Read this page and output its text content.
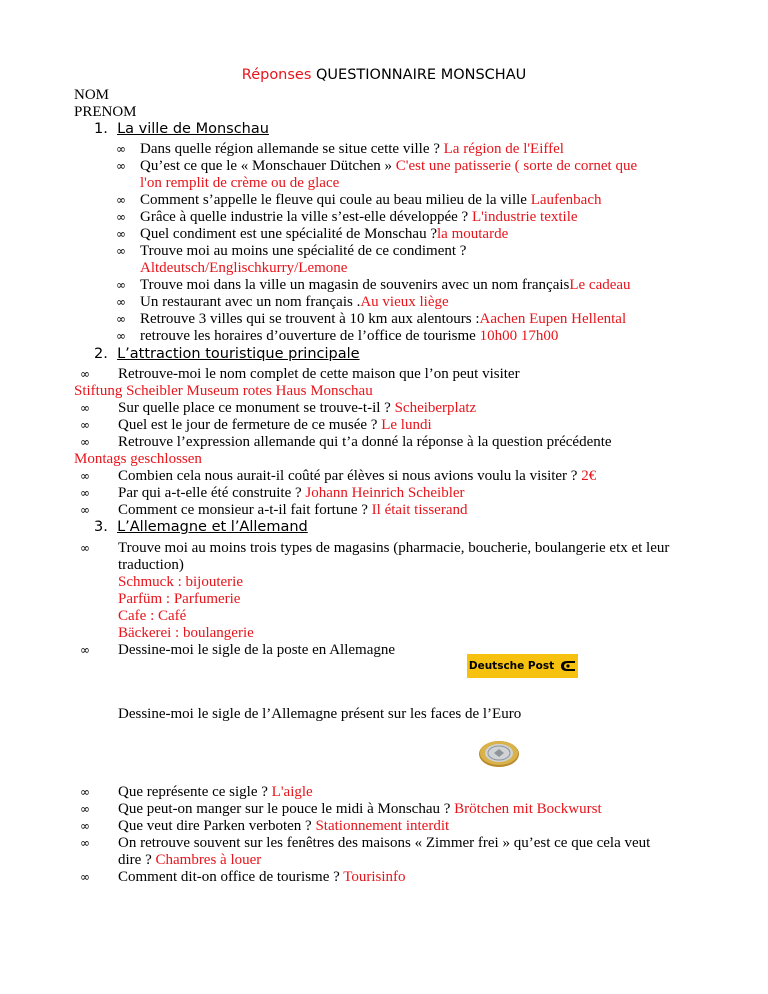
Réponses QUESTIONNAIRE MONSCHAU
NOM
PRENOM
1. La ville de Monschau
∞ Dans quelle région allemande se situe cette ville ? La région de l'Eiffel
∞ Qu’est ce que le « Monschauer Dütchen » C'est une patisserie ( sorte de cornet que
l'on remplit de crème ou de glace
∞ Comment s’appelle le fleuve qui coule au beau milieu de la ville Laufenbach
∞ Grâce à quelle industrie la ville s’est-elle développée ? L'industrie textile
∞ Quel condiment est une spécialité de Monschau ?la moutarde
∞ Trouve moi au moins une spécialité de ce condiment ?
Altdeutsch/Englischkurry/Lemone
∞ Trouve moi dans la ville un magasin de souvenirs avec un nom françaisLe cadeau
∞ Un restaurant avec un nom français .Au vieux liège
∞ Retrouve 3 villes qui se trouvent à 10 km aux alentours :Aachen Eupen Hellental
∞ retrouve les horaires d’ouverture de l’office de tourisme 10h00 17h00
2. L’attraction touristique principale
∞ Retrouve-moi le nom complet de cette maison que l’on peut visiter
Stiftung Scheibler Museum rotes Haus Monschau
∞ Sur quelle place ce monument se trouve-t-il ? Scheiberplatz
∞ Quel est le jour de fermeture de ce musée ? Le lundi
∞ Retrouve l’expression allemande qui t’a donné la réponse à la question précédente
Montags geschlossen
∞ Combien cela nous aurait-il coûté par élèves si nous avions voulu la visiter ? 2€
∞ Par qui a-t-elle été construite ? Johann Heinrich Scheibler
∞ Comment ce monsieur a-t-il fait fortune ? Il était tisserand
3. L’Allemagne et l’Allemand
∞ Trouve moi au moins trois types de magasins (pharmacie, boucherie, boulangerie etx et leur
traduction)
Schmuck : bijouterie
Parfüm : Parfumerie
Cafe : Café
Bäckerei : boulangerie
∞ Dessine-moi le sigle de la poste en Allemagne
Deutsche Post
Dessine-moi le sigle de l’Allemagne présent sur les faces de l’Euro
∞ Que représente ce sigle ? L'aigle
∞ Que peut-on manger sur le pouce le midi à Monschau ? Brötchen mit Bockwurst
∞ Que veut dire Parken verboten ? Stationnement interdit
∞ On retrouve souvent sur les fenêtres des maisons « Zimmer frei » qu’est ce que cela veut
dire ? Chambres à louer
∞ Comment dit-on office de tourisme ? Tourisinfo
